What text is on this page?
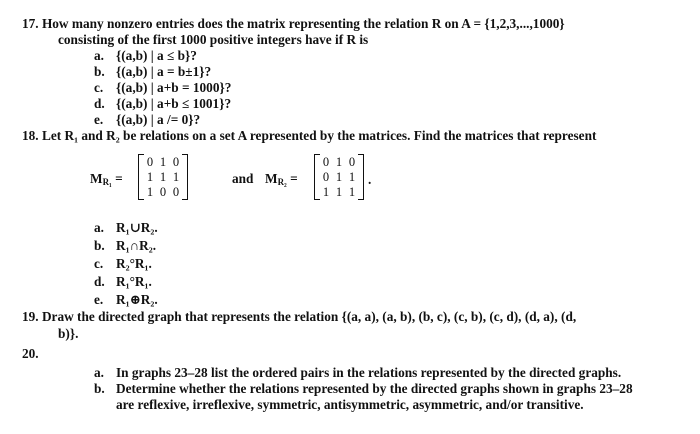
17. How many nonzero entries does the matrix representing the relation R on A = {1,2,3,...,1000}
consisting of the first 1000 positive integers have if R is
a. {(a,b) | a ≤ b}?
b. {(a,b) | a = b±1}?
c. {(a,b) | a+b = 1000}?
d. {(a,b) | a+b ≤ 1001}?
e. {(a,b) | a /= 0}?
18. Let R₁ and R₂ be relations on a set A represented by the matrices. Find the matrices that represent
$M_{R_1}$ =
0 1 0
1 1 1
1 0 0
and $M_{R_2}$ =
0 1 0
0 1 1
1 1 1
.
a. R₁∪R₂.
b. R₁∩R₂.
c. R₂°R₁.
d. R₁°R₁.
e. R₁⊕R₂.
19. Draw the directed graph that represents the relation {(a, a), (a, b), (b, c), (c, b), (c, d), (d, a), (d,
b)}.
20.
a. In graphs 23–28 list the ordered pairs in the relations represented by the directed graphs.
b. Determine whether the relations represented by the directed graphs shown in graphs 23–28
are reflexive, irreflexive, symmetric, antisymmetric, asymmetric, and/or transitive.
